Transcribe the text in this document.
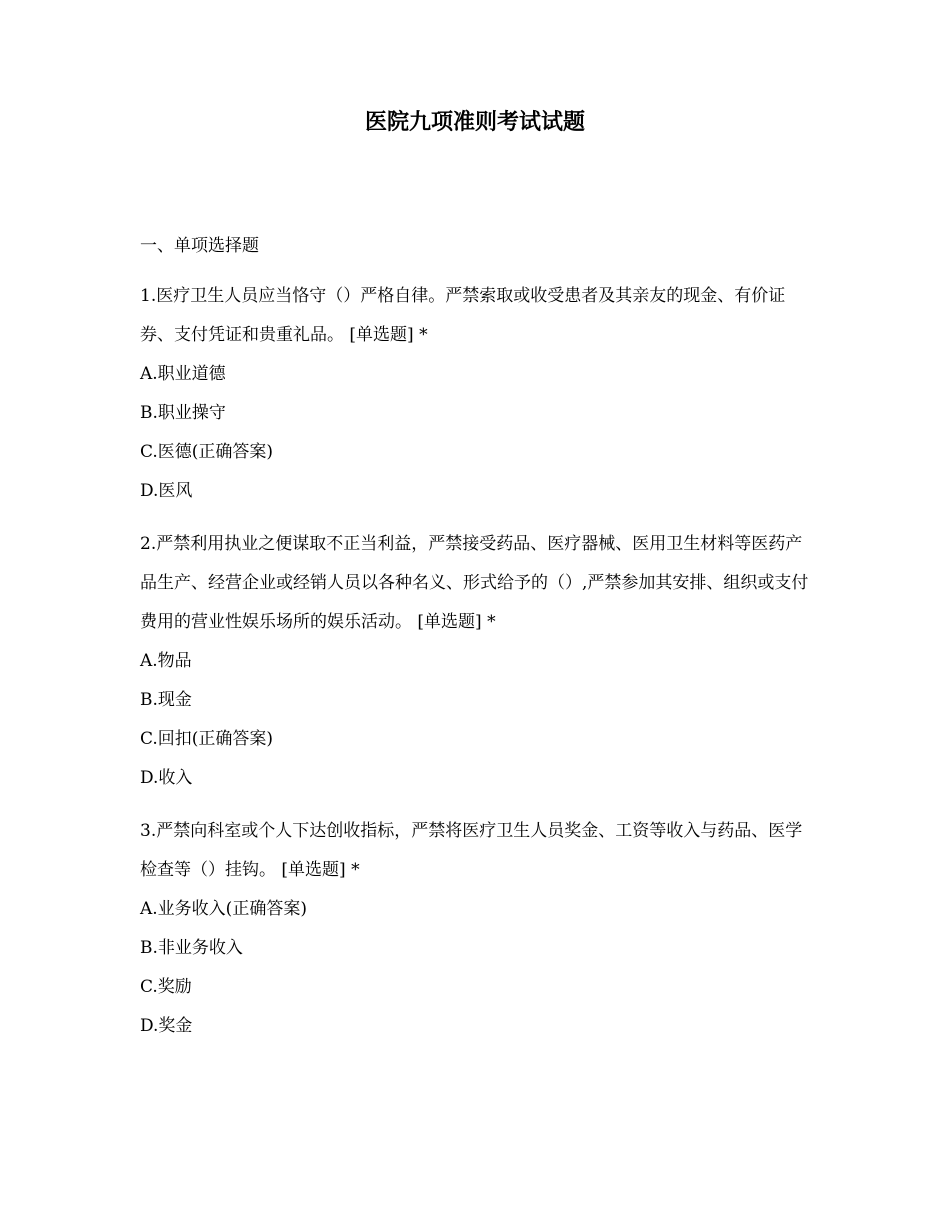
医院九项准则考试试题

一、单项选择题

1.医疗卫生人员应当恪守（）严格自律。严禁索取或收受患者及其亲友的现金、有价证券、支付凭证和贵重礼品。 [单选题] *

A.职业道德

B.职业操守

C.医德(正确答案)

D.医风

2.严禁利用执业之便谋取不正当利益，严禁接受药品、医疗器械、医用卫生材料等医药产品生产、经营企业或经销人员以各种名义、形式给予的（）,严禁参加其安排、组织或支付费用的营业性娱乐场所的娱乐活动。 [单选题] *

A.物品

B.现金

C.回扣(正确答案)

D.收入

3.严禁向科室或个人下达创收指标，严禁将医疗卫生人员奖金、工资等收入与药品、医学检查等（）挂钩。 [单选题] *

A.业务收入(正确答案)

B.非业务收入

C.奖励

D.奖金
